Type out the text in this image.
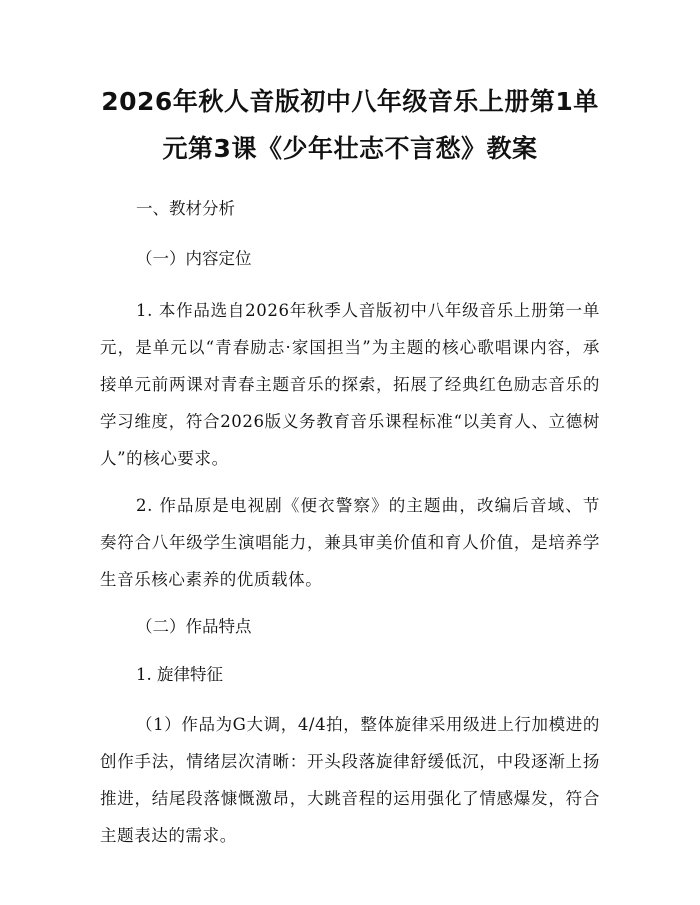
2026年秋人音版初中八年级音乐上册第1单
元第3课《少年壮志不言愁》教案

一、教材分析

（一）内容定位

1. 本作品选自2026年秋季人音版初中八年级音乐上册第一单元，是单元以“青春励志·家国担当”为主题的核心歌唱课内容，承接单元前两课对青春主题音乐的探索，拓展了经典红色励志音乐的学习维度，符合2026版义务教育音乐课程标准“以美育人、立德树人”的核心要求。

2. 作品原是电视剧《便衣警察》的主题曲，改编后音域、节奏符合八年级学生演唱能力，兼具审美价值和育人价值，是培养学生音乐核心素养的优质载体。

（二）作品特点

1. 旋律特征

（1）作品为G大调，4/4拍，整体旋律采用级进上行加模进的创作手法，情绪层次清晰：开头段落旋律舒缓低沉，中段逐渐上扬推进，结尾段落慷慨激昂，大跳音程的运用强化了情感爆发，符合主题表达的需求。
